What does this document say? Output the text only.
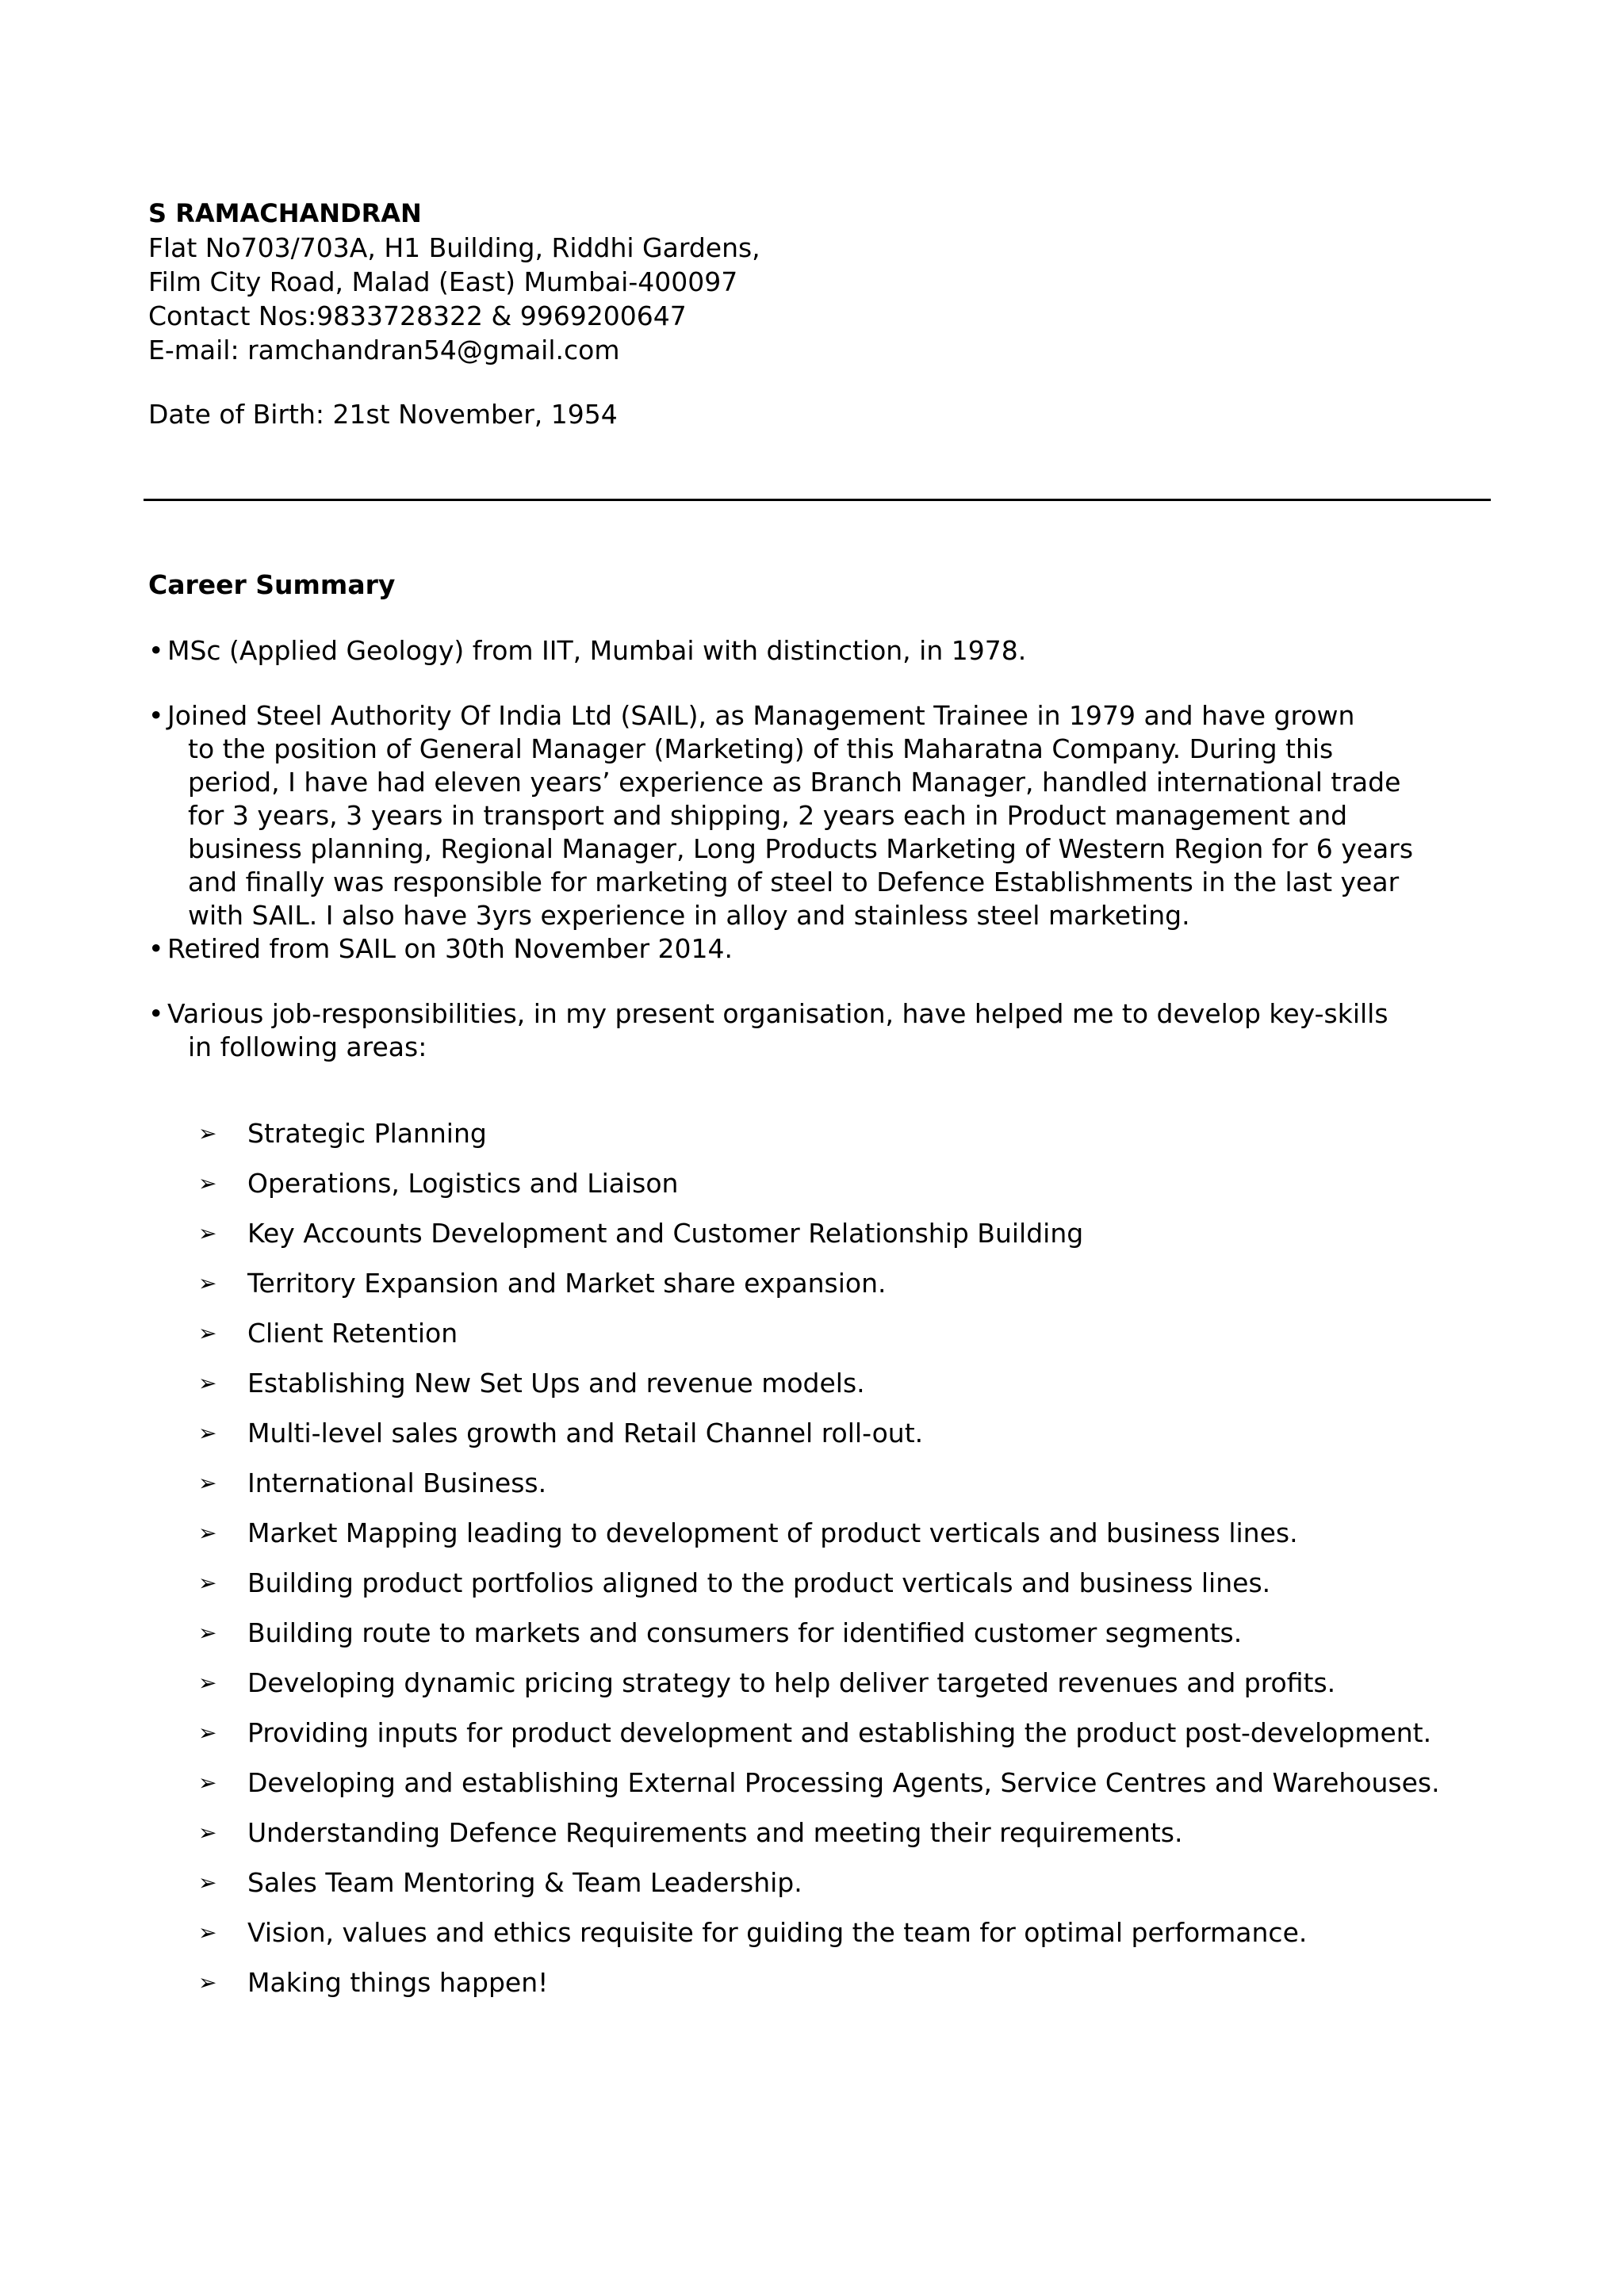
S RAMACHANDRAN
Flat No703/703A, H1 Building, Riddhi Gardens,
Film City Road, Malad (East) Mumbai-400097
Contact Nos:9833728322 & 9969200647
E-mail: ramchandran54@gmail.com
Date of Birth: 21st November, 1954
Career Summary
• MSc (Applied Geology) from IIT, Mumbai with distinction, in 1978.
• Joined Steel Authority Of India Ltd (SAIL), as Management Trainee in 1979 and have grown
to the position of General Manager (Marketing) of this Maharatna Company. During this
period, I have had eleven years’ experience as Branch Manager, handled international trade
for 3 years, 3 years in transport and shipping, 2 years each in Product management and
business planning, Regional Manager, Long Products Marketing of Western Region for 6 years
and finally was responsible for marketing of steel to Defence Establishments in the last year
with SAIL. I also have 3yrs experience in alloy and stainless steel marketing.
• Retired from SAIL on 30th November 2014.
• Various job-responsibilities, in my present organisation, have helped me to develop key-skills
in following areas:
➢ Strategic Planning
➢ Operations, Logistics and Liaison
➢ Key Accounts Development and Customer Relationship Building
➢ Territory Expansion and Market share expansion.
➢ Client Retention
➢ Establishing New Set Ups and revenue models.
➢ Multi-level sales growth and Retail Channel roll-out.
➢ International Business.
➢ Market Mapping leading to development of product verticals and business lines.
➢ Building product portfolios aligned to the product verticals and business lines.
➢ Building route to markets and consumers for identified customer segments.
➢ Developing dynamic pricing strategy to help deliver targeted revenues and profits.
➢ Providing inputs for product development and establishing the product post-development.
➢ Developing and establishing External Processing Agents, Service Centres and Warehouses.
➢ Understanding Defence Requirements and meeting their requirements.
➢ Sales Team Mentoring & Team Leadership.
➢ Vision, values and ethics requisite for guiding the team for optimal performance.
➢ Making things happen!
